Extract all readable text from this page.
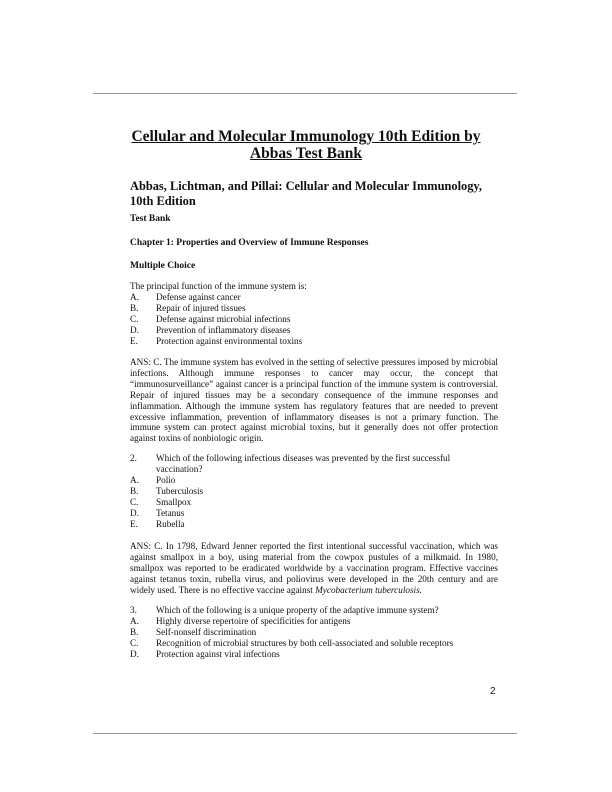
Cellular and Molecular Immunology 10th Edition by Abbas Test Bank
Abbas, Lichtman, and Pillai: Cellular and Molecular Immunology, 10th Edition
Test Bank
Chapter 1: Properties and Overview of Immune Responses
Multiple Choice
The principal function of the immune system is:
A.	Defense against cancer
B.	Repair of injured tissues
C.	Defense against microbial infections
D.	Prevention of inflammatory diseases
E.	Protection against environmental toxins
ANS: C. The immune system has evolved in the setting of selective pressures imposed by microbial infections. Although immune responses to cancer may occur, the concept that “immunosurveillance” against cancer is a principal function of the immune system is controversial. Repair of injured tissues may be a secondary consequence of the immune responses and inflammation. Although the immune system has regulatory features that are needed to prevent excessive inflammation, prevention of inflammatory diseases is not a primary function. The immune system can protect against microbial toxins, but it generally does not offer protection against toxins of nonbiologic origin.
2.	Which of the following infectious diseases was prevented by the first successful vaccination?
A.	Polio
B.	Tuberculosis
C.	Smallpox
D.	Tetanus
E.	Rubella
ANS: C. In 1798, Edward Jenner reported the first intentional successful vaccination, which was against smallpox in a boy, using material from the cowpox pustules of a milkmaid. In 1980, smallpox was reported to be eradicated worldwide by a vaccination program. Effective vaccines against tetanus toxin, rubella virus, and poliovirus were developed in the 20th century and are widely used. There is no effective vaccine against Mycobacterium tuberculosis.
3.	Which of the following is a unique property of the adaptive immune system?
A.	Highly diverse repertoire of specificities for antigens
B.	Self-nonself discrimination
C.	Recognition of microbial structures by both cell-associated and soluble receptors
D.	Protection against viral infections
2
